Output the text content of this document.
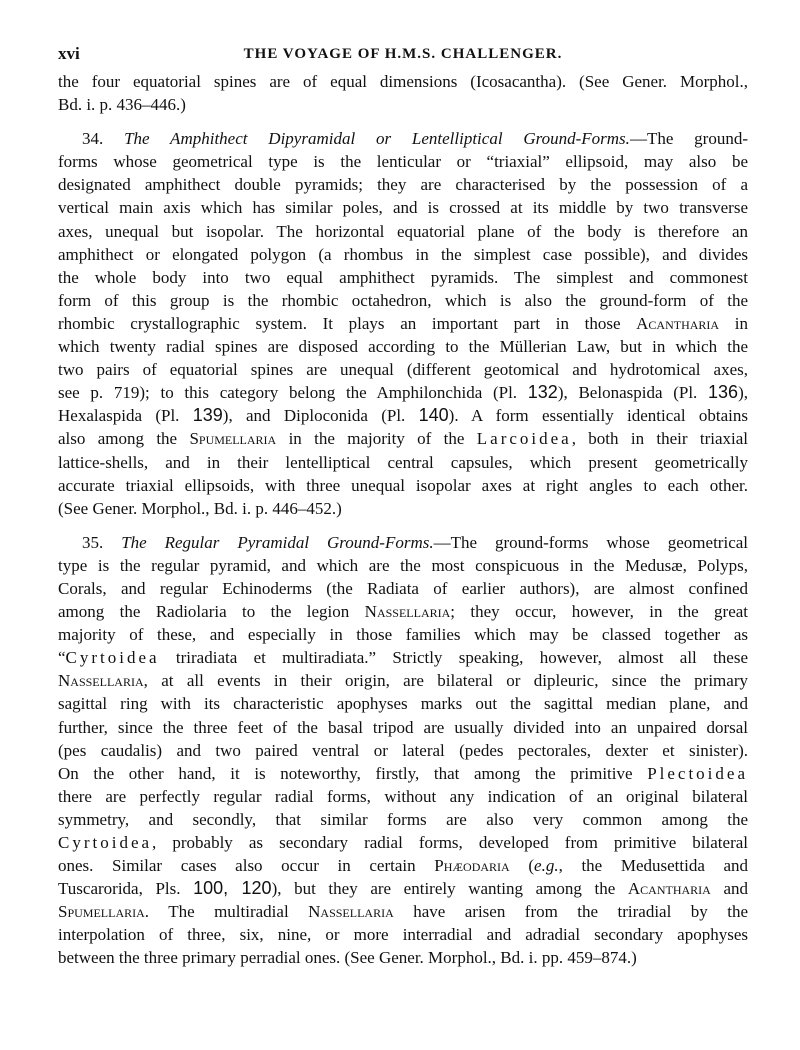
xvi	THE VOYAGE OF H.M.S. CHALLENGER.
the four equatorial spines are of equal dimensions (Icosacantha). (See Gener. Morphol.,
Bd. i. p. 436–446.)
34. The Amphithect Dipyramidal or Lentelliptical Ground-Forms.—The ground-
forms whose geometrical type is the lenticular or “triaxial” ellipsoid, may also be
designated amphithect double pyramids; they are characterised by the possession of a
vertical main axis which has similar poles, and is crossed at its middle by two transverse
axes, unequal but isopolar. The horizontal equatorial plane of the body is therefore an
amphithect or elongated polygon (a rhombus in the simplest case possible), and divides
the whole body into two equal amphithect pyramids. The simplest and commonest
form of this group is the rhombic octahedron, which is also the ground-form of the
rhombic crystallographic system. It plays an important part in those Acantharia in
which twenty radial spines are disposed according to the Müllerian Law, but in which the
two pairs of equatorial spines are unequal (different geotomical and hydrotomical axes,
see p. 719); to this category belong the Amphilonchida (Pl. 132), Belonaspida (Pl. 136),
Hexalaspida (Pl. 139), and Diploconida (Pl. 140). A form essentially identical obtains
also among the Spumellaria in the majority of the Larcoidea, both in their triaxial
lattice-shells, and in their lentelliptical central capsules, which present geometrically
accurate triaxial ellipsoids, with three unequal isopolar axes at right angles to each other.
(See Gener. Morphol., Bd. i. p. 446–452.)
35. The Regular Pyramidal Ground-Forms.—The ground-forms whose geometrical
type is the regular pyramid, and which are the most conspicuous in the Medusæ, Polyps,
Corals, and regular Echinoderms (the Radiata of earlier authors), are almost confined
among the Radiolaria to the legion Nassellaria; they occur, however, in the great
majority of these, and especially in those families which may be classed together as
“Cyrtoidea triradiata et multiradiata.” Strictly speaking, however, almost all these
Nassellaria, at all events in their origin, are bilateral or dipleuric, since the primary
sagittal ring with its characteristic apophyses marks out the sagittal median plane, and
further, since the three feet of the basal tripod are usually divided into an unpaired dorsal
(pes caudalis) and two paired ventral or lateral (pedes pectorales, dexter et sinister).
On the other hand, it is noteworthy, firstly, that among the primitive Plectoidea
there are perfectly regular radial forms, without any indication of an original bilateral
symmetry, and secondly, that similar forms are also very common among the
Cyrtoidea, probably as secondary radial forms, developed from primitive bilateral
ones. Similar cases also occur in certain Phæodaria (e.g., the Medusettida and
Tuscarorida, Pls. 100, 120), but they are entirely wanting among the Acantharia and
Spumellaria. The multiradial Nassellaria have arisen from the triradial by the
interpolation of three, six, nine, or more interradial and adradial secondary apophyses
between the three primary perradial ones. (See Gener. Morphol., Bd. i. pp. 459–874.)
